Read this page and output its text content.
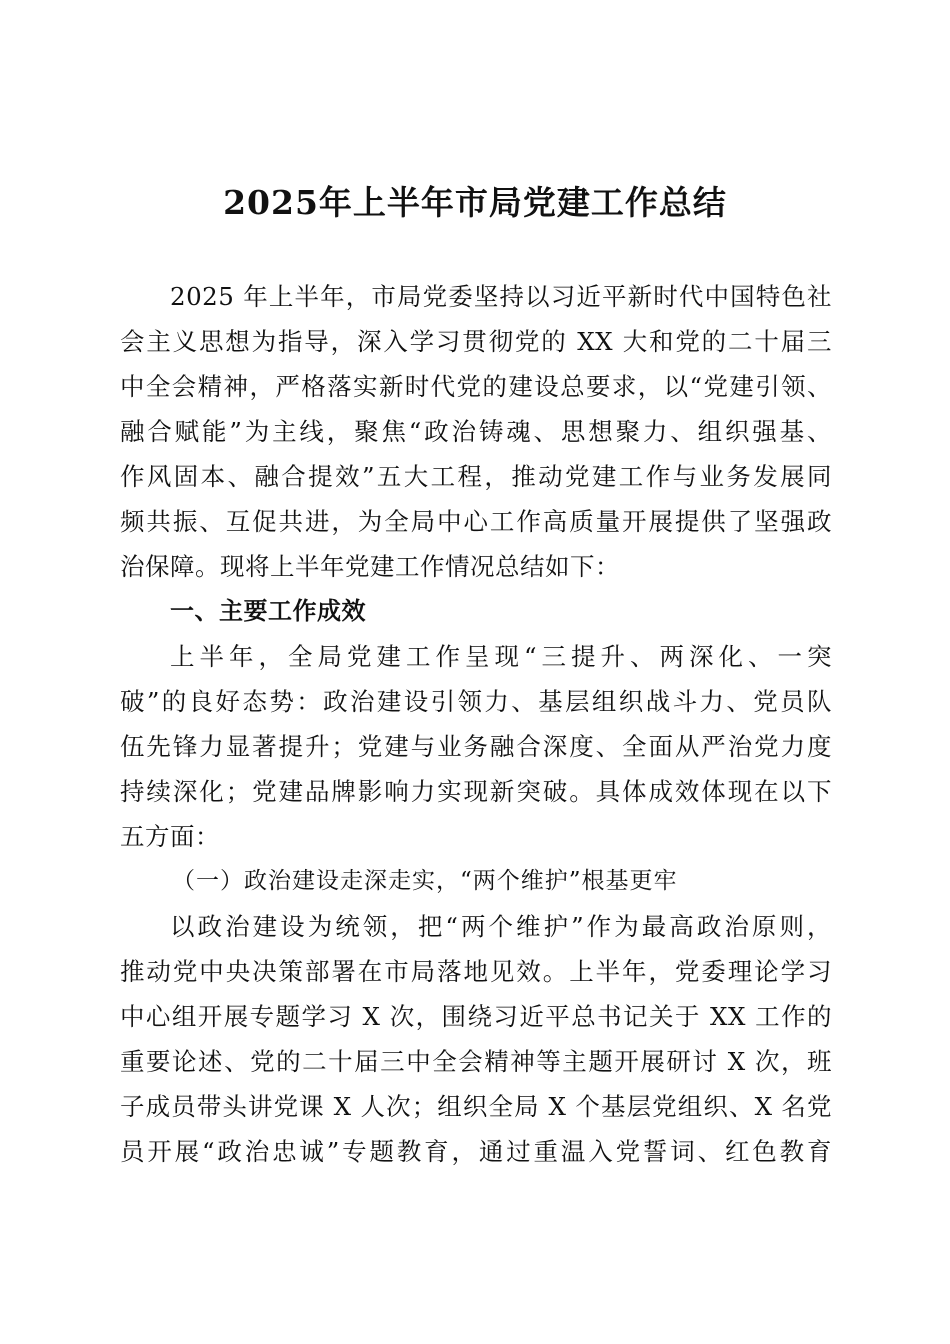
2025年上半年市局党建工作总结
2025 年上半年，市局党委坚持以习近平新时代中国特色社
会主义思想为指导，深入学习贯彻党的 XX 大和党的二十届三
中全会精神，严格落实新时代党的建设总要求，以“党建引领、
融合赋能”为主线，聚焦“政治铸魂、思想聚力、组织强基、
作风固本、融合提效”五大工程，推动党建工作与业务发展同
频共振、互促共进，为全局中心工作高质量开展提供了坚强政
治保障。现将上半年党建工作情况总结如下：
一、主要工作成效
上半年，全局党建工作呈现“三提升、两深化、一突
破”的良好态势：政治建设引领力、基层组织战斗力、党员队
伍先锋力显著提升；党建与业务融合深度、全面从严治党力度
持续深化；党建品牌影响力实现新突破。具体成效体现在以下
五方面：
（一）政治建设走深走实，“两个维护”根基更牢
以政治建设为统领，把“两个维护”作为最高政治原则，
推动党中央决策部署在市局落地见效。上半年，党委理论学习
中心组开展专题学习 X 次，围绕习近平总书记关于 XX 工作的
重要论述、党的二十届三中全会精神等主题开展研讨 X 次，班
子成员带头讲党课 X 人次；组织全局 X 个基层党组织、X 名党
员开展“政治忠诚”专题教育，通过重温入党誓词、红色教育
